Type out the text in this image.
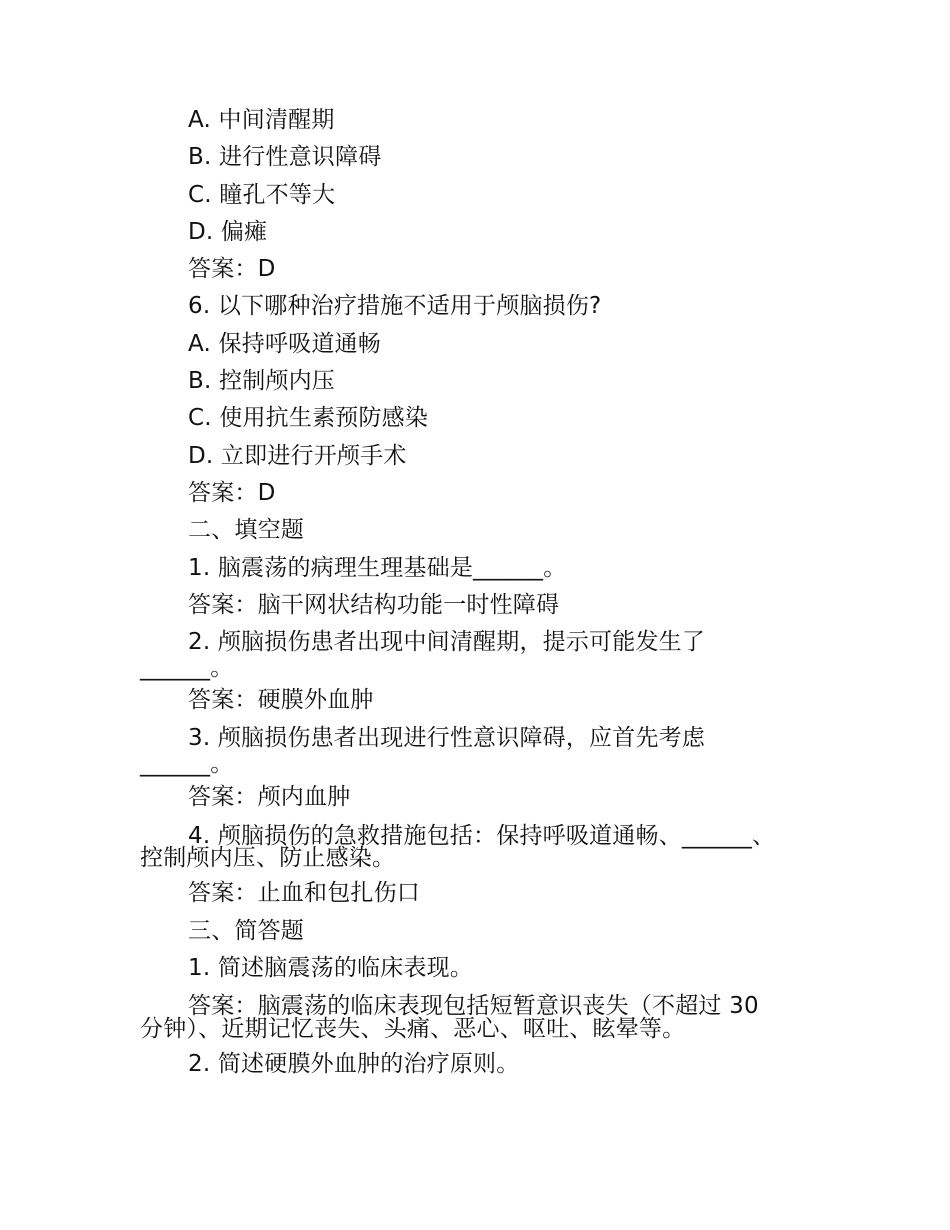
A. 中间清醒期
B. 进行性意识障碍
C. 瞳孔不等大
D. 偏瘫
答案：D
6. 以下哪种治疗措施不适用于颅脑损伤?
A. 保持呼吸道通畅
B. 控制颅内压
C. 使用抗生素预防感染
D. 立即进行开颅手术
答案：D
二、填空题
1. 脑震荡的病理生理基础是______。
答案：脑干网状结构功能一时性障碍
2. 颅脑损伤患者出现中间清醒期，提示可能发生了
______。
答案：硬膜外血肿
3. 颅脑损伤患者出现进行性意识障碍，应首先考虑
______。
答案：颅内血肿
4. 颅脑损伤的急救措施包括：保持呼吸道通畅、______、
控制颅内压、防止感染。
答案：止血和包扎伤口
三、简答题
1. 简述脑震荡的临床表现。
答案：脑震荡的临床表现包括短暂意识丧失（不超过 30
分钟）、近期记忆丧失、头痛、恶心、呕吐、眩晕等。
2. 简述硬膜外血肿的治疗原则。
